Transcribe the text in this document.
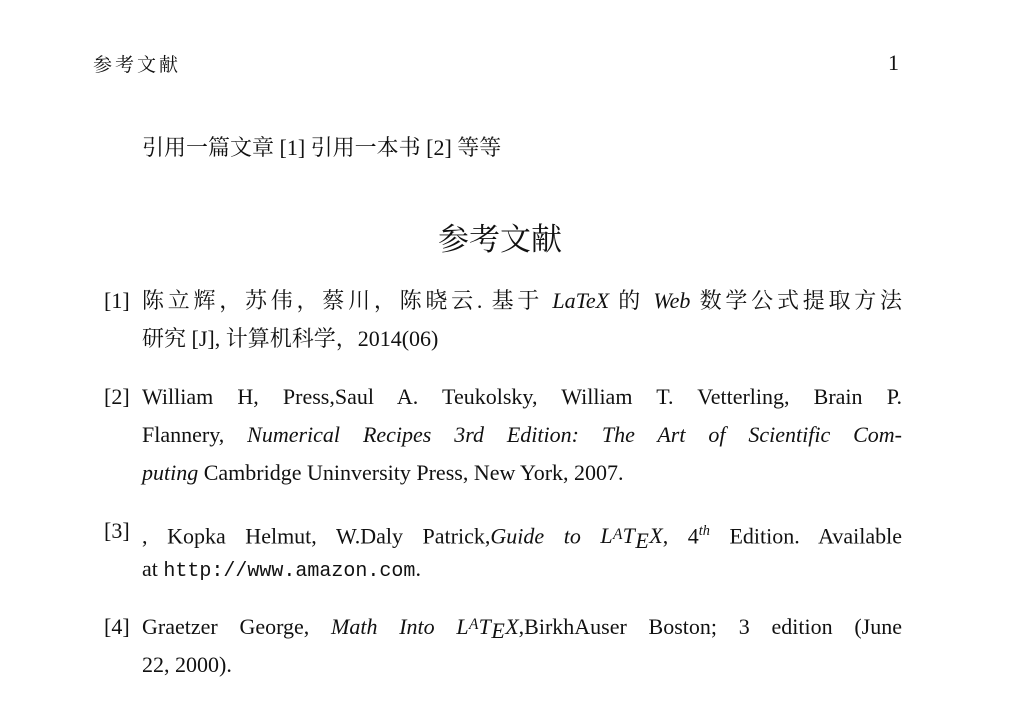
参考文献	1
引用一篇文章 [1] 引用一本书 [2] 等等
参考文献
[1] 陈立辉，苏伟，蔡川，陈晓云. 基于 LaTeX 的 Web 数学公式提取方法
研究 [J], 计算机科学，2014(06)
[2] William H, Press,Saul A. Teukolsky, William T. Vetterling, Brain P.
Flannery, Numerical Recipes 3rd Edition: The Art of Scientific Com-
puting Cambridge Uninversity Press, New York, 2007.
[3] , Kopka Helmut, W.Daly Patrick,Guide to LATEX, 4th Edition. Available
at http://www.amazon.com.
[4] Graetzer George, Math Into LATEX,BirkhAuser Boston; 3 edition (June
22, 2000).
